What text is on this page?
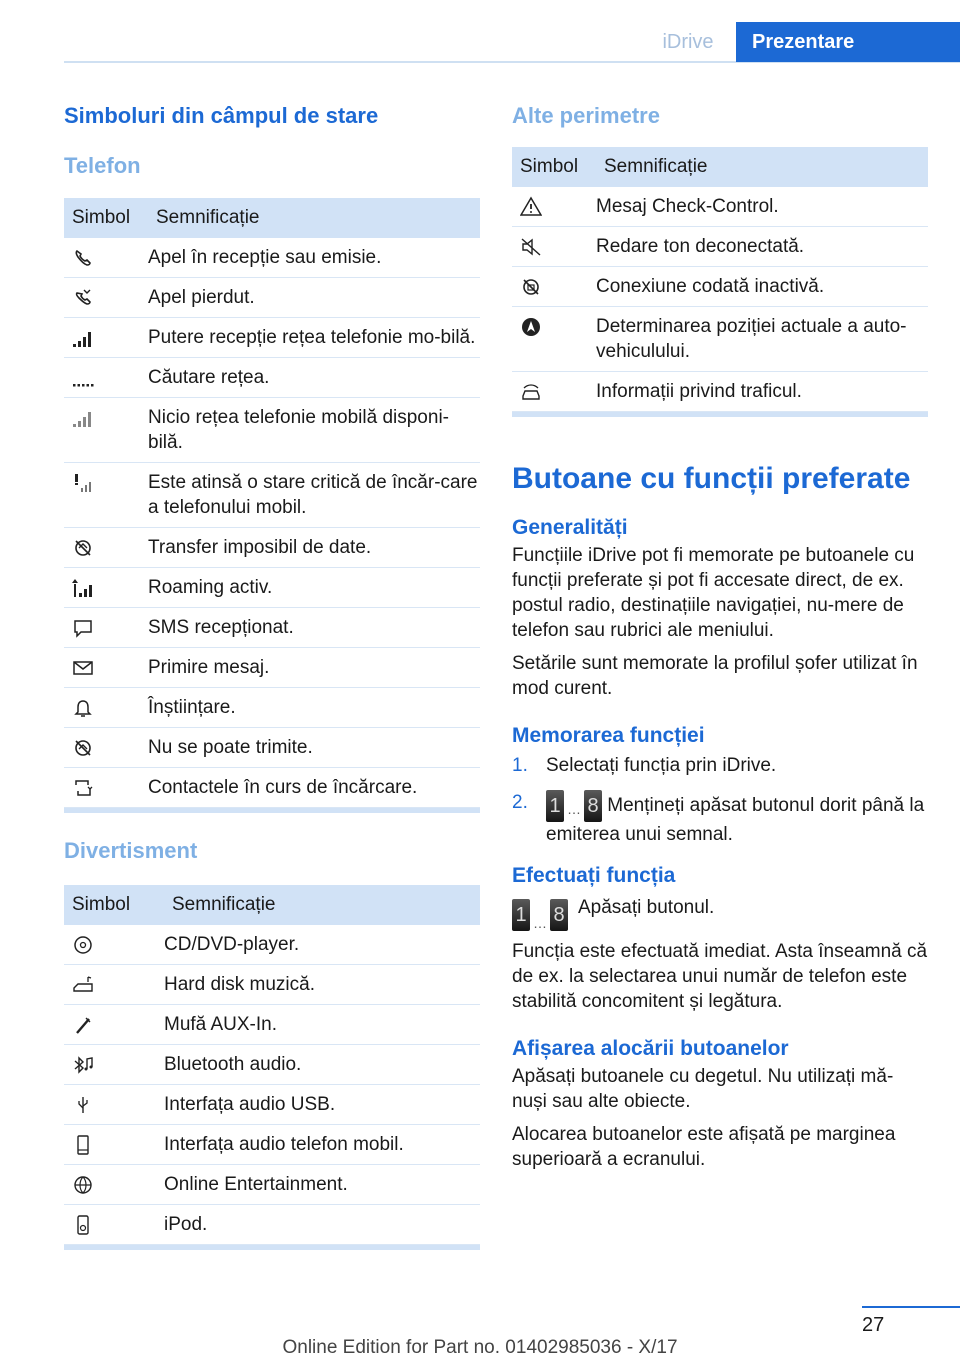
iDrive	Prezentare
Simboluri din câmpul de stare
Telefon
Simbol	Semnificație

	Apel în recepție sau emisie.

	Apel pierdut.

	Putere recepție rețea telefonie mo-bilă.

	Căutare rețea.

	Nicio rețea telefonie mobilă disponi-bilă.

	Este atinsă o stare critică de încăr-care a telefonului mobil.

	Transfer imposibil de date.

	Roaming activ.

	SMS recepționat.

	Primire mesaj.

	Înștiințare.

	Nu se poate trimite.

	Contactele în curs de încărcare.
Divertisment
Simbol	Semnificație

	CD/DVD-player.

	Hard disk muzică.

	Mufă AUX-In.

	Bluetooth audio.

	Interfața audio USB.

	Interfața audio telefon mobil.

	Online Entertainment.

	iPod.
Alte perimetre
Simbol	Semnificație

	Mesaj Check-Control.

	Redare ton deconectată.

	Conexiune codată inactivă.

	Determinarea poziției actuale a auto-vehiculului.

	Informații privind traficul.
Butoane cu funcții preferate
Generalități

Funcțiile iDrive pot fi memorate pe butoanele cu funcții preferate și pot fi accesate direct, de ex. postul radio, destinațiile navigației, nu-mere de telefon sau rubrici ale meniului.

Setările sunt memorate la profilul șofer utilizat în mod curent.

Memorarea funcției
1. Selectați funcția prin iDrive.
2. 1 … 8 Mențineți apăsat butonul dorit până la emiterea unui semnal.
Efectuați funcția
1 … 8 Apăsați butonul.

Funcția este efectuată imediat. Asta înseamnă că de ex. la selectarea unui număr de telefon este stabilită concomitent și legătura.

Afișarea alocării butoanelor

Apăsați butoanele cu degetul. Nu utilizați mă-nuși sau alte obiecte.

Alocarea butoanelor este afișată pe marginea superioară a ecranului.

27
Online Edition for Part no. 01402985036 - X/17
